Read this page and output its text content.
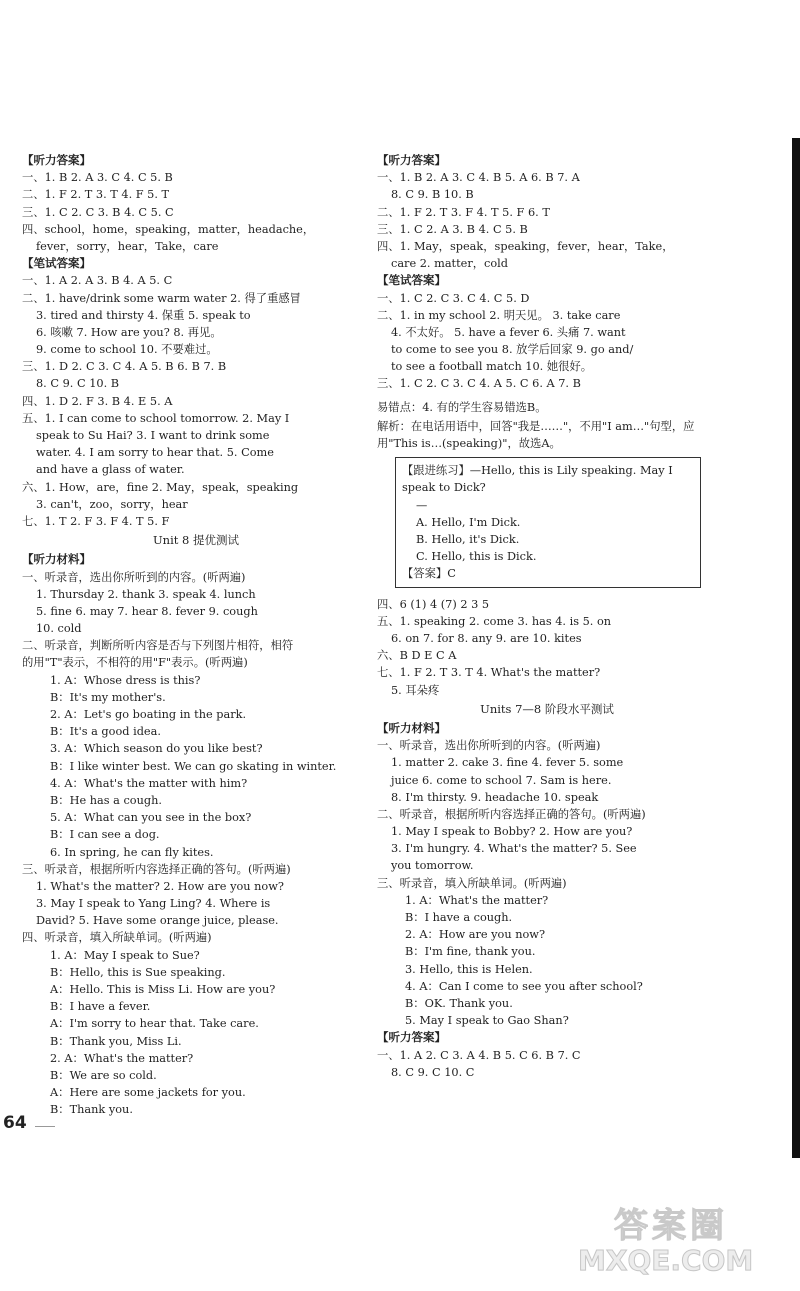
【听力答案】
一、1. B 2. A 3. C 4. C 5. B
二、1. F 2. T 3. T 4. F 5. T
三、1. C 2. C 3. B 4. C 5. C
四、school，home，speaking，matter，headache，
fever，sorry，hear，Take，care
【笔试答案】
一、1. A 2. A 3. B 4. A 5. C
二、1. have/drink some warm water 2. 得了重感冒
3. tired and thirsty 4. 保重 5. speak to
6. 咳嗽 7. How are you? 8. 再见。
9. come to school 10. 不要难过。
三、1. D 2. C 3. C 4. A 5. B 6. B 7. B
8. C 9. C 10. B
四、1. D 2. F 3. B 4. E 5. A
五、1. I can come to school tomorrow. 2. May I
speak to Su Hai? 3. I want to drink some
water. 4. I am sorry to hear that. 5. Come
and have a glass of water.
六、1. How，are，fine 2. May，speak，speaking
3. can't，zoo，sorry，hear
七、1. T 2. F 3. F 4. T 5. F
Unit 8 提优测试
【听力材料】
一、听录音，选出你所听到的内容。(听两遍)
1. Thursday 2. thank 3. speak 4. lunch
5. fine 6. may 7. hear 8. fever 9. cough
10. cold
二、听录音，判断所听内容是否与下列图片相符，相符
的用"T"表示，不相符的用"F"表示。(听两遍)
1. A：Whose dress is this?
B：It's my mother's.
2. A：Let's go boating in the park.
B：It's a good idea.
3. A：Which season do you like best?
B：I like winter best. We can go skating in winter.
4. A：What's the matter with him?
B：He has a cough.
5. A：What can you see in the box?
B：I can see a dog.
6. In spring, he can fly kites.
三、听录音，根据所听内容选择正确的答句。(听两遍)
1. What's the matter? 2. How are you now?
3. May I speak to Yang Ling? 4. Where is
David? 5. Have some orange juice, please.
四、听录音，填入所缺单词。(听两遍)
1. A：May I speak to Sue?
B：Hello, this is Sue speaking.
A：Hello. This is Miss Li. How are you?
B：I have a fever.
A：I'm sorry to hear that. Take care.
B：Thank you, Miss Li.
2. A：What's the matter?
B：We are so cold.
A：Here are some jackets for you.
B：Thank you.
【听力答案】
一、1. B 2. A 3. C 4. B 5. A 6. B 7. A
8. C 9. B 10. B
二、1. F 2. T 3. F 4. T 5. F 6. T
三、1. C 2. A 3. B 4. C 5. B
四、1. May，speak，speaking，fever，hear，Take，
care 2. matter，cold
【笔试答案】
一、1. C 2. C 3. C 4. C 5. D
二、1. in my school 2. 明天见。 3. take care
4. 不太好。 5. have a fever 6. 头痛 7. want
to come to see you 8. 放学后回家 9. go and/
to see a football match 10. 她很好。
三、1. C 2. C 3. C 4. A 5. C 6. A 7. B
易错点：4. 有的学生容易错选B。
解析：在电话用语中，回答"我是……"，不用"I am…"句型，应用"This is…(speaking)"，故选A。
【跟进练习】—Hello, this is Lily speaking. May I speak to Dick?
—
A. Hello, I'm Dick.
B. Hello, it's Dick.
C. Hello, this is Dick.
【答案】C
四、6 (1) 4 (7) 2 3 5
五、1. speaking 2. come 3. has 4. is 5. on
6. on 7. for 8. any 9. are 10. kites
六、B D E C A
七、1. F 2. T 3. T 4. What's the matter?
5. 耳朵疼
Units 7—8 阶段水平测试
【听力材料】
一、听录音，选出你所听到的内容。(听两遍)
1. matter 2. cake 3. fine 4. fever 5. some
juice 6. come to school 7. Sam is here.
8. I'm thirsty. 9. headache 10. speak
二、听录音，根据所听内容选择正确的答句。(听两遍)
1. May I speak to Bobby? 2. How are you?
3. I'm hungry. 4. What's the matter? 5. See
you tomorrow.
三、听录音，填入所缺单词。(听两遍)
1. A：What's the matter?
B：I have a cough.
2. A：How are you now?
B：I'm fine, thank you.
3. Hello, this is Helen.
4. A：Can I come to see you after school?
B：OK. Thank you.
5. May I speak to Gao Shan?
【听力答案】
一、1. A 2. C 3. A 4. B 5. C 6. B 7. C
8. C 9. C 10. C
64
答案圈
MXQE.COM
